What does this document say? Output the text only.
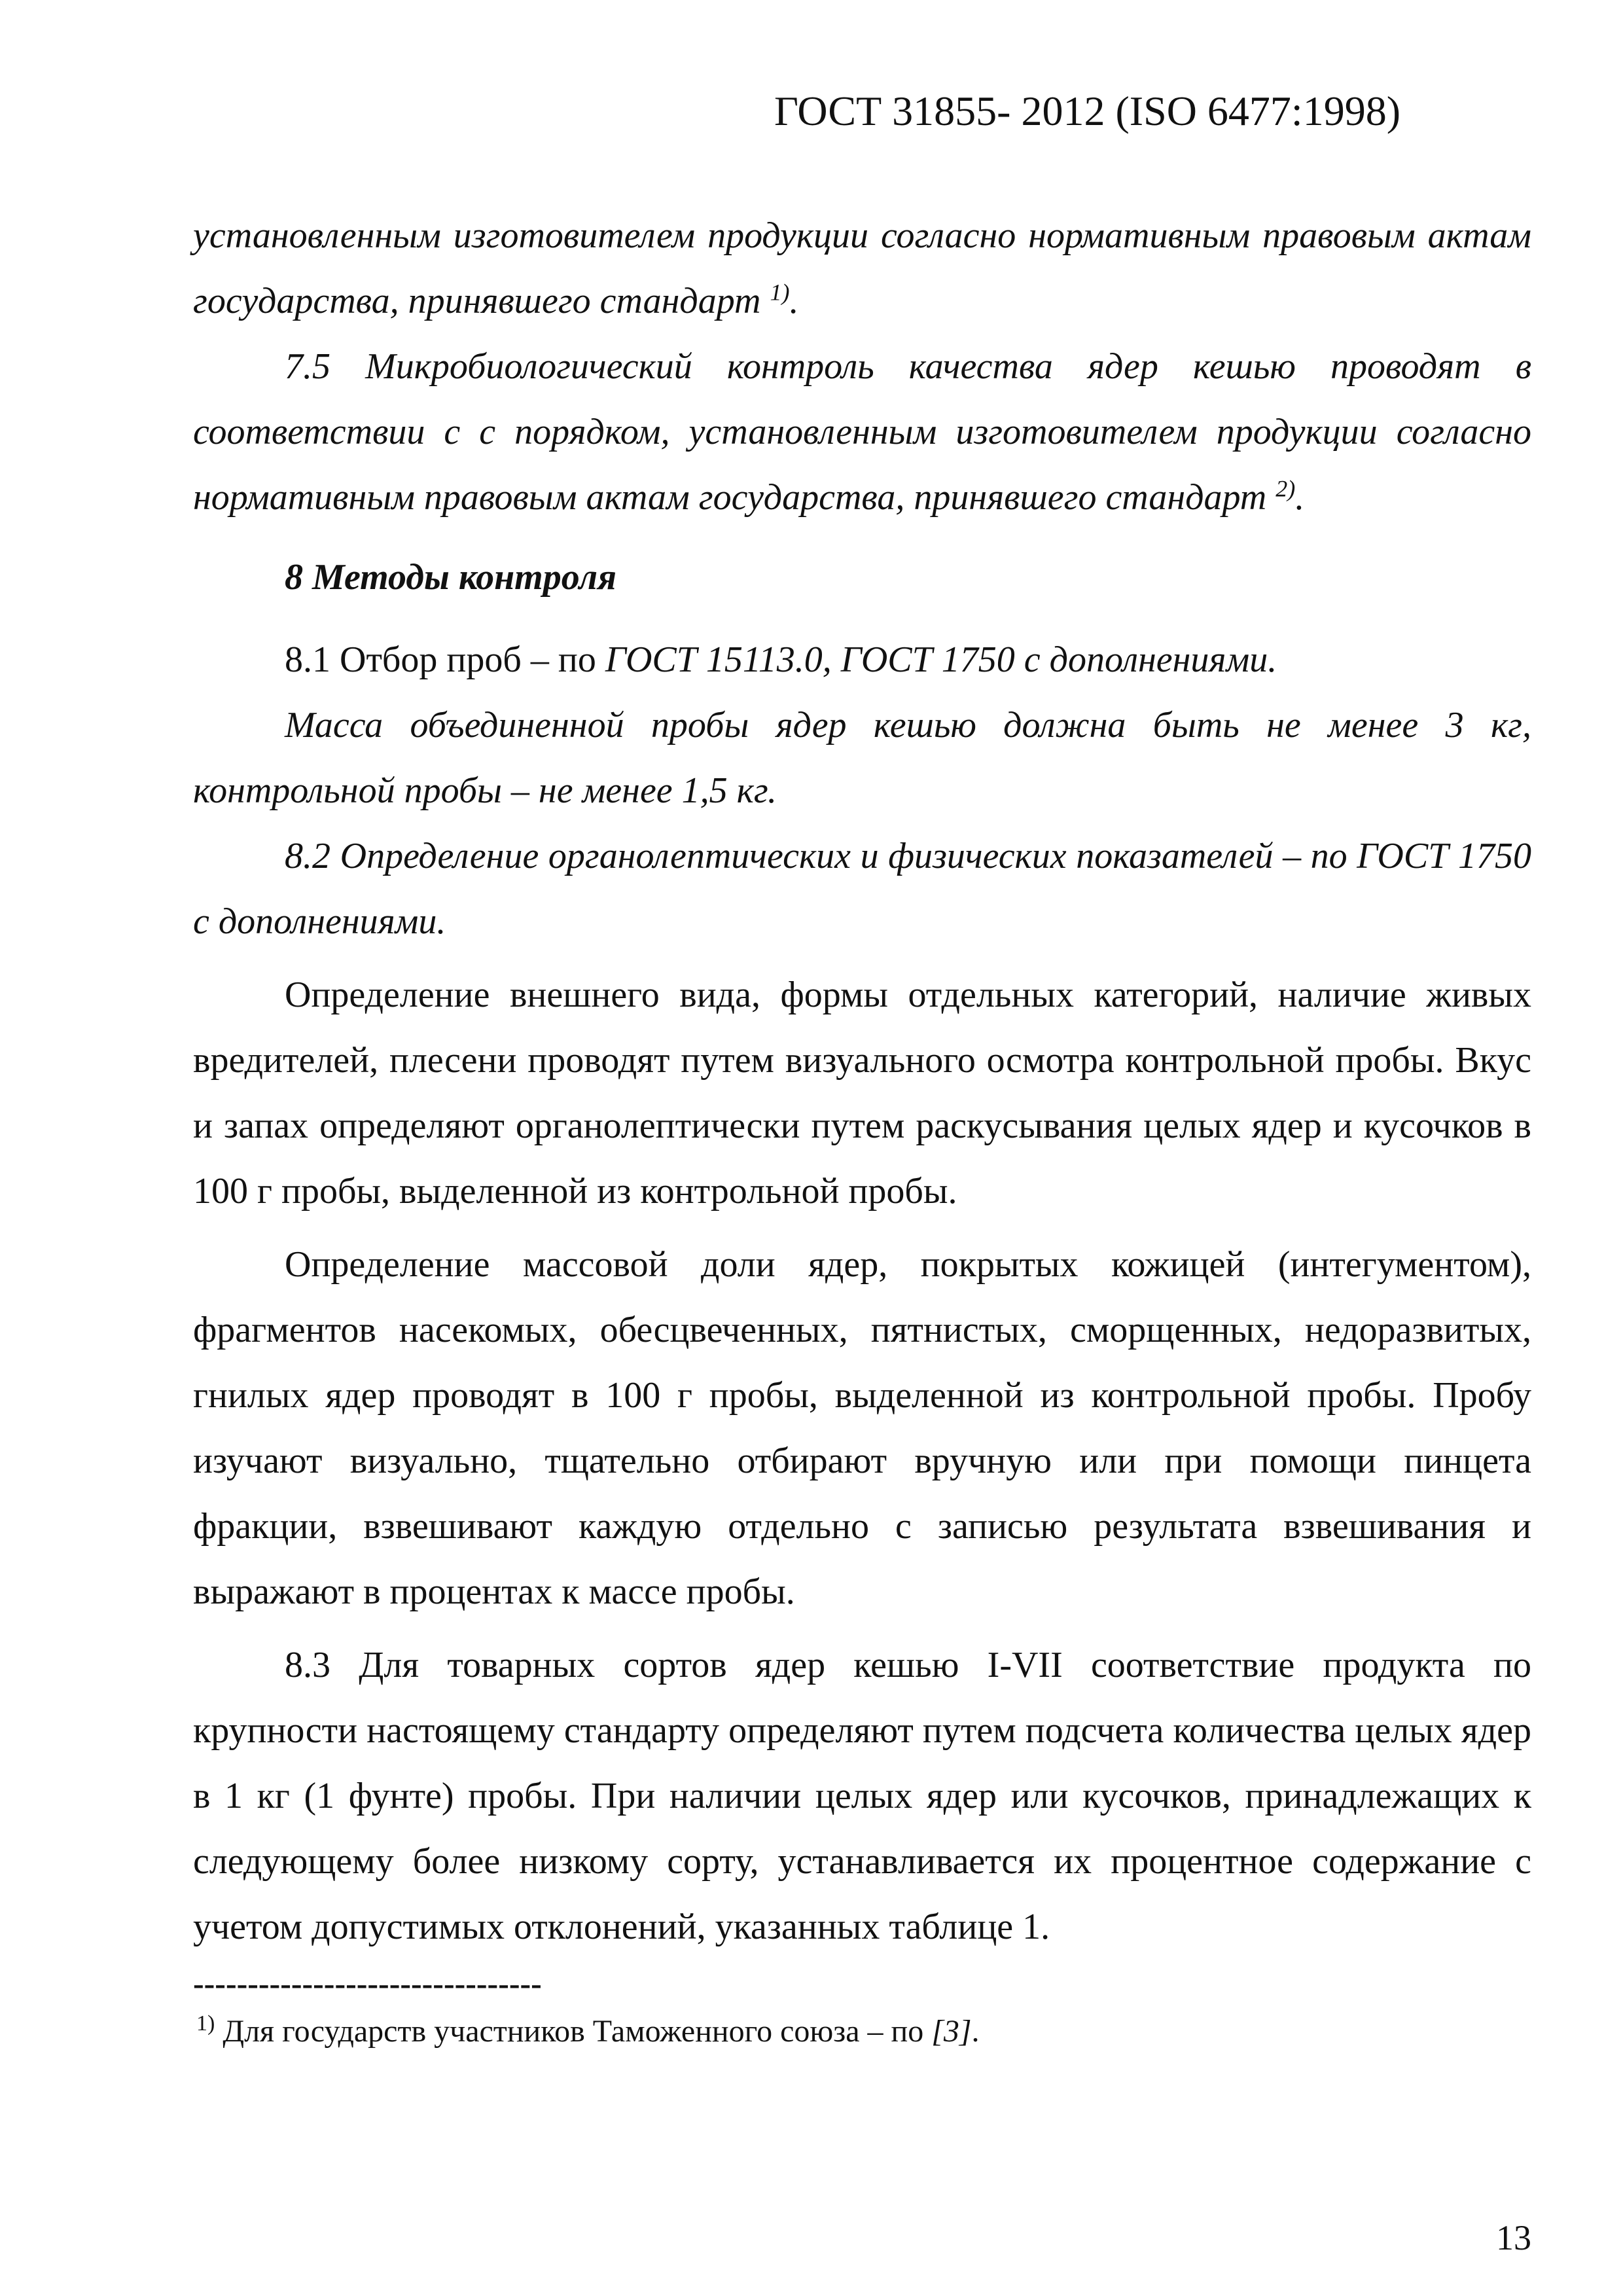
ГОСТ 31855- 2012 (ISO 6477:1998)

установленным изготовителем продукции согласно нормативным правовым актам государства, принявшего стандарт $^{1)}$.

7.5 Микробиологический контроль качества ядер кешью проводят в соответствии с с порядком, установленным изготовителем продукции согласно нормативным правовым актам государства, принявшего стандарт $^{2)}$.

8 Методы контроля

8.1 Отбор проб – по ГОСТ 15113.0, ГОСТ 1750 с дополнениями.

Масса объединенной пробы ядер кешью должна быть не менее 3 кг, контрольной пробы – не менее 1,5 кг.

8.2 Определение органолептических и физических показателей – по ГОСТ 1750 с дополнениями.

Определение внешнего вида, формы отдельных категорий, наличие живых вредителей, плесени проводят путем визуального осмотра контрольной пробы. Вкус и запах определяют органолептически путем раскусывания целых ядер и кусочков в 100 г пробы, выделенной из контрольной пробы.

Определение массовой доли ядер, покрытых кожицей (интегументом), фрагментов насекомых, обесцвеченных, пятнистых, сморщенных, недоразвитых, гнилых ядер проводят в 100 г пробы, выделенной из контрольной пробы. Пробу изучают визуально, тщательно отбирают вручную или при помощи пинцета фракции, взвешивают каждую отдельно с записью результата взвешивания и выражают в процентах к массе пробы.

8.3 Для товарных сортов ядер кешью I-VII соответствие продукта по крупности настоящему стандарту определяют путем подсчета количества целых ядер в 1 кг (1 фунте) пробы. При наличии целых ядер или кусочков, принадлежащих к следующему более низкому сорту, устанавливается их процентное содержание с учетом допустимых отклонений, указанных таблице 1.

--------------------------------
$^{1)}$ Для государств участников Таможенного союза – по [3].
13
